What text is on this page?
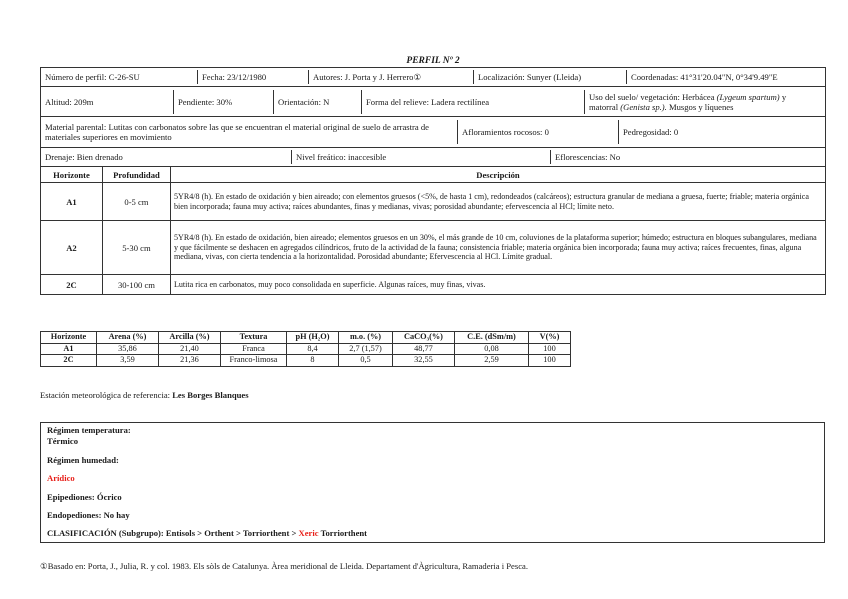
PERFIL Nº 2
Número de perfil: C-26-SU	Fecha: 23/12/1980	Autores: J. Porta y J. Herrero①	Localización: Sunyer (Lleida)	Coordenadas: 41°31'20.04"N, 0°34'9.49"E

Altitud: 209m	Pendiente: 30%	Orientación: N	Forma del relieve: Ladera rectilínea	Uso del suelo/ vegetación: Herbácea (Lygeum spartum) y matorral (Genista sp.). Musgos y líquenes

Material parental: Lutitas con carbonatos sobre las que se encuentran el material original de suelo de arrastra de materiales superiores en movimiento	Afloramientos rocosos: 0	Pedregosidad: 0

Drenaje: Bien drenado	Nivel freático: inaccesible	Eflorescencias: No

Horizonte	Profundidad	Descripción
A1	0-5 cm	5YR4/8 (h). En estado de oxidación y bien aireado; con elementos gruesos (<5%, de hasta 1 cm), redondeados (calcáreos); estructura granular de mediana a gruesa, fuerte; friable; materia orgánica bien incorporada; fauna muy activa; raíces abundantes, finas y medianas, vivas; porosidad abundante; efervescencia al HCl; límite neto.
A2	5-30 cm	5YR4/8 (h). En estado de oxidación, bien aireado; elementos gruesos en un 30%, el más grande de 10 cm, coluviones de la plataforma superior; húmedo; estructura en bloques subangulares, mediana y que fácilmente se deshacen en agregados cilíndricos, fruto de la actividad de la fauna; consistencia friable; materia orgánica bien incorporada; fauna muy activa; raíces frecuentes, finas, alguna mediana, vivas, con cierta tendencia a la horizontalidad. Porosidad abundante; Efervescencia al HCl. Límite gradual.
2C	30-100 cm	Lutita rica en carbonatos, muy poco consolidada en superficie. Algunas raíces, muy finas, vivas.
Horizonte	Arena (%)	Arcilla (%)	Textura	pH (H₂O)	m.o. (%)	CaCO₃(%)	C.E. (dSm/m)	V(%)
A1	35,86	21,40	Franca	8,4	2,7 (1,57)	48,77	0,08	100
2C	3,59	21,36	Franco-limosa	8	0,5	32,55	2,59	100
Estación meteorológica de referencia: Les Borges Blanques
Régimen temperatura:
Térmico
Régimen humedad:
Arídico
Epipediones: Ócrico
Endopediones: No hay
CLASIFICACIÓN (Subgrupo): Entisols > Orthent > Torriorthent > Xeric Torriorthent
①Basado en: Porta, J., Julia, R. y col. 1983. Els sòls de Catalunya. Àrea meridional de Lleida. Departament d'Àgricultura, Ramaderia i Pesca.
